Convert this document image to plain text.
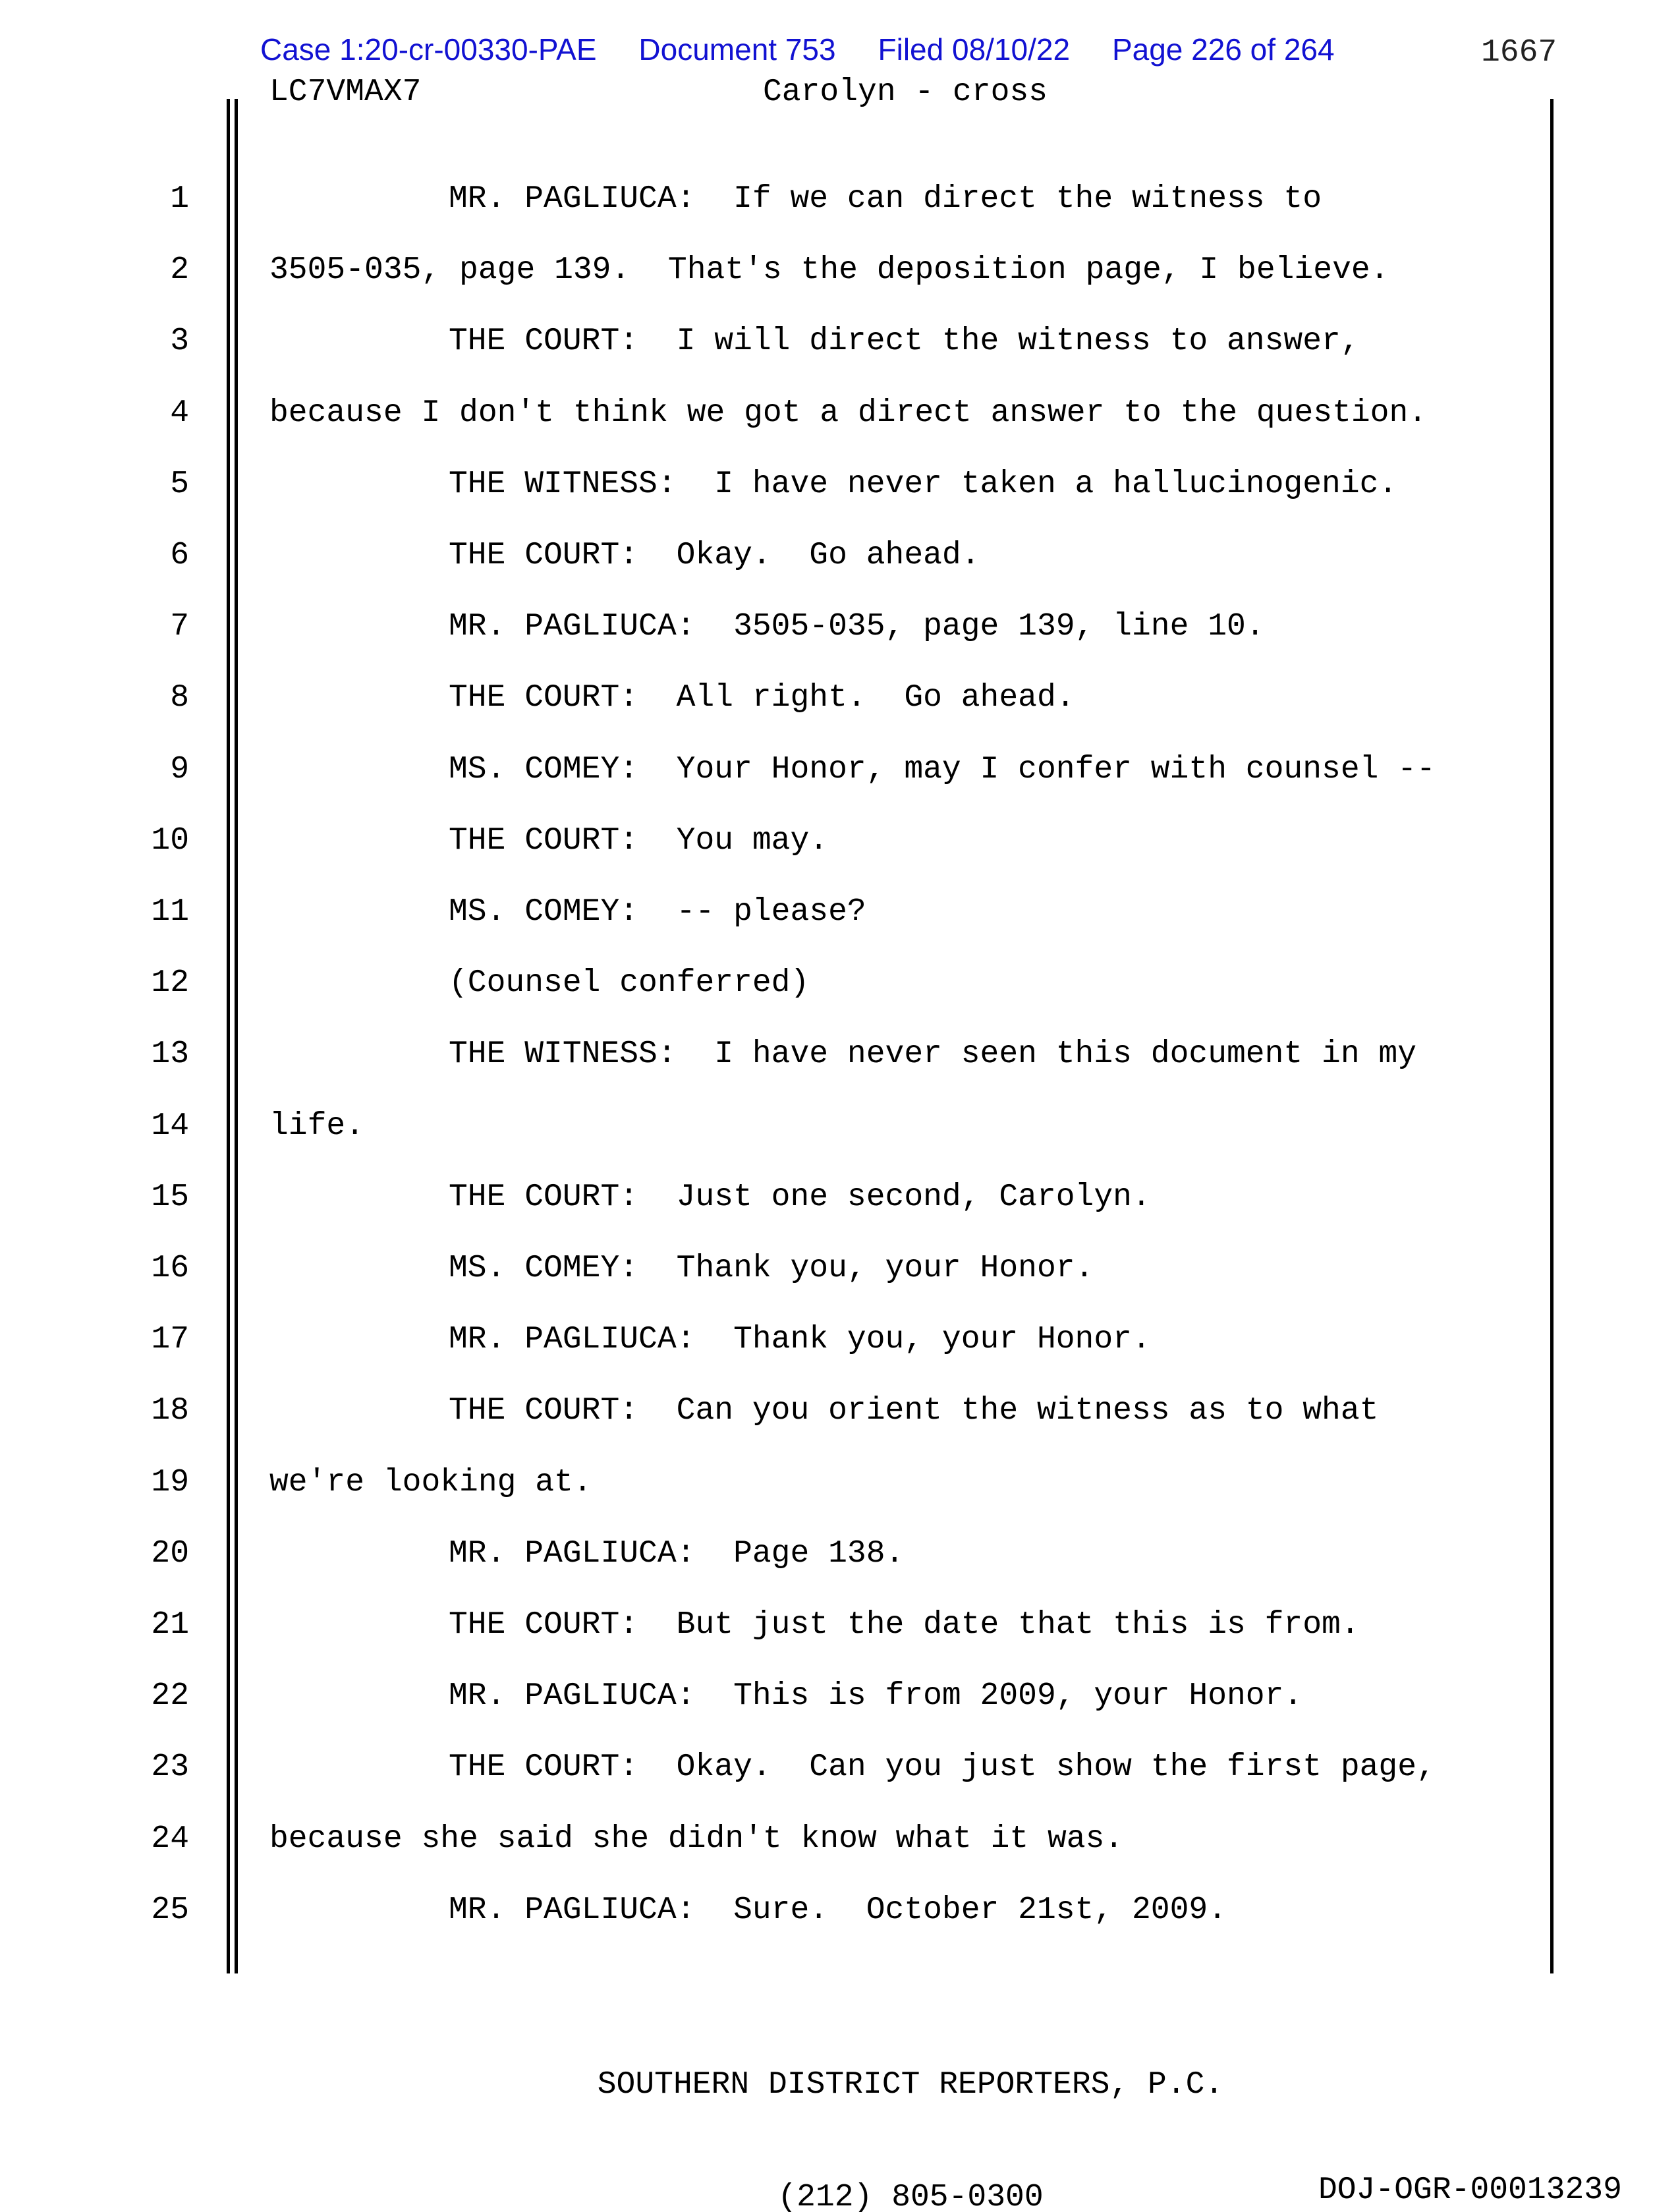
Case 1:20-cr-00330-PAE     Document 753     Filed 08/10/22     Page 226 of 264	1667
LC7VMAX7	Carolyn - cross
1	MR. PAGLIUCA:  If we can direct the witness to
2	3505-035, page 139.  That's the deposition page, I believe.
3	THE COURT:  I will direct the witness to answer,
4	because I don't think we got a direct answer to the question.
5	THE WITNESS:  I have never taken a hallucinogenic.
6	THE COURT:  Okay.  Go ahead.
7	MR. PAGLIUCA:  3505-035, page 139, line 10.
8	THE COURT:  All right.  Go ahead.
9	MS. COMEY:  Your Honor, may I confer with counsel --
10	THE COURT:  You may.
11	MS. COMEY:  -- please?
12	(Counsel conferred)
13	THE WITNESS:  I have never seen this document in my
14	life.
15	THE COURT:  Just one second, Carolyn.
16	MS. COMEY:  Thank you, your Honor.
17	MR. PAGLIUCA:  Thank you, your Honor.
18	THE COURT:  Can you orient the witness as to what
19	we're looking at.
20	MR. PAGLIUCA:  Page 138.
21	THE COURT:  But just the date that this is from.
22	MR. PAGLIUCA:  This is from 2009, your Honor.
23	THE COURT:  Okay.  Can you just show the first page,
24	because she said she didn't know what it was.
25	MR. PAGLIUCA:  Sure.  October 21st, 2009.

SOUTHERN DISTRICT REPORTERS, P.C.

(212) 805-0300

	DOJ-OGR-00013239
